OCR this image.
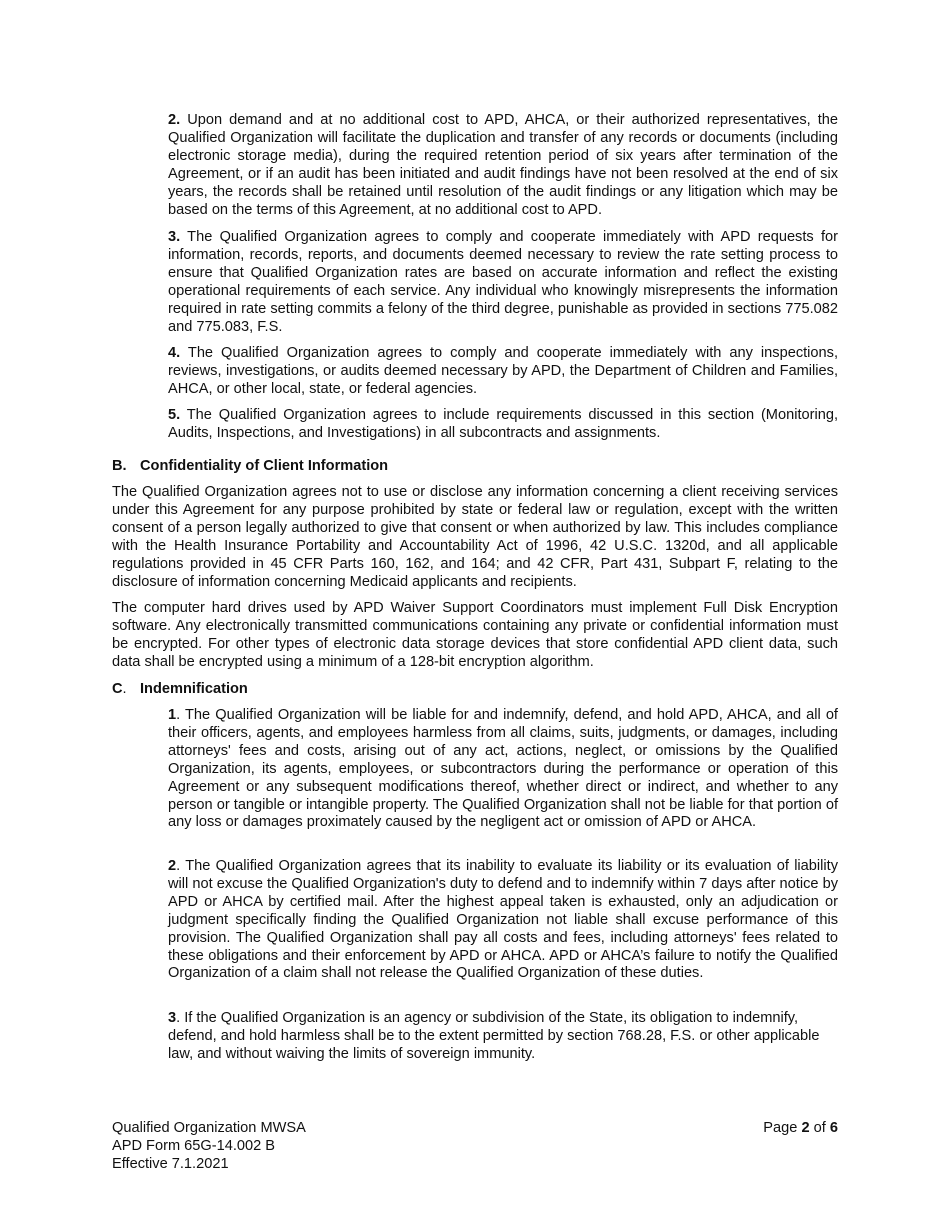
2. Upon demand and at no additional cost to APD, AHCA, or their authorized representatives, the Qualified Organization will facilitate the duplication and transfer of any records or documents (including electronic storage media), during the required retention period of six years after termination of the Agreement, or if an audit has been initiated and audit findings have not been resolved at the end of six years, the records shall be retained until resolution of the audit findings or any litigation which may be based on the terms of this Agreement, at no additional cost to APD.

3. The Qualified Organization agrees to comply and cooperate immediately with APD requests for information, records, reports, and documents deemed necessary to review the rate setting process to ensure that Qualified Organization rates are based on accurate information and reflect the existing operational requirements of each service. Any individual who knowingly misrepresents the information required in rate setting commits a felony of the third degree, punishable as provided in sections 775.082 and 775.083, F.S.

4. The Qualified Organization agrees to comply and cooperate immediately with any inspections, reviews, investigations, or audits deemed necessary by APD, the Department of Children and Families, AHCA, or other local, state, or federal agencies.

5. The Qualified Organization agrees to include requirements discussed in this section (Monitoring, Audits, Inspections, and Investigations) in all subcontracts and assignments.

B. Confidentiality of Client Information

The Qualified Organization agrees not to use or disclose any information concerning a client receiving services under this Agreement for any purpose prohibited by state or federal law or regulation, except with the written consent of a person legally authorized to give that consent or when authorized by law. This includes compliance with the Health Insurance Portability and Accountability Act of 1996, 42 U.S.C. 1320d, and all applicable regulations provided in 45 CFR Parts 160, 162, and 164; and 42 CFR, Part 431, Subpart F, relating to the disclosure of information concerning Medicaid applicants and recipients.

The computer hard drives used by APD Waiver Support Coordinators must implement Full Disk Encryption software. Any electronically transmitted communications containing any private or confidential information must be encrypted. For other types of electronic data storage devices that store confidential APD client data, such data shall be encrypted using a minimum of a 128-bit encryption algorithm.

C. Indemnification

1. The Qualified Organization will be liable for and indemnify, defend, and hold APD, AHCA, and all of their officers, agents, and employees harmless from all claims, suits, judgments, or damages, including attorneys' fees and costs, arising out of any act, actions, neglect, or omissions by the Qualified Organization, its agents, employees, or subcontractors during the performance or operation of this Agreement or any subsequent modifications thereof, whether direct or indirect, and whether to any person or tangible or intangible property. The Qualified Organization shall not be liable for that portion of any loss or damages proximately caused by the negligent act or omission of APD or AHCA.

2. The Qualified Organization agrees that its inability to evaluate its liability or its evaluation of liability will not excuse the Qualified Organization's duty to defend and to indemnify within 7 days after notice by APD or AHCA by certified mail. After the highest appeal taken is exhausted, only an adjudication or judgment specifically finding the Qualified Organization not liable shall excuse performance of this provision. The Qualified Organization shall pay all costs and fees, including attorneys' fees related to these obligations and their enforcement by APD or AHCA. APD or AHCA’s failure to notify the Qualified Organization of a claim shall not release the Qualified Organization of these duties.

3. If the Qualified Organization is an agency or subdivision of the State, its obligation to indemnify, defend, and hold harmless shall be to the extent permitted by section 768.28, F.S. or other applicable law, and without waiving the limits of sovereign immunity.

Qualified Organization MWSA
APD Form 65G-14.002 B
Effective 7.1.2021
Page 2 of 6
